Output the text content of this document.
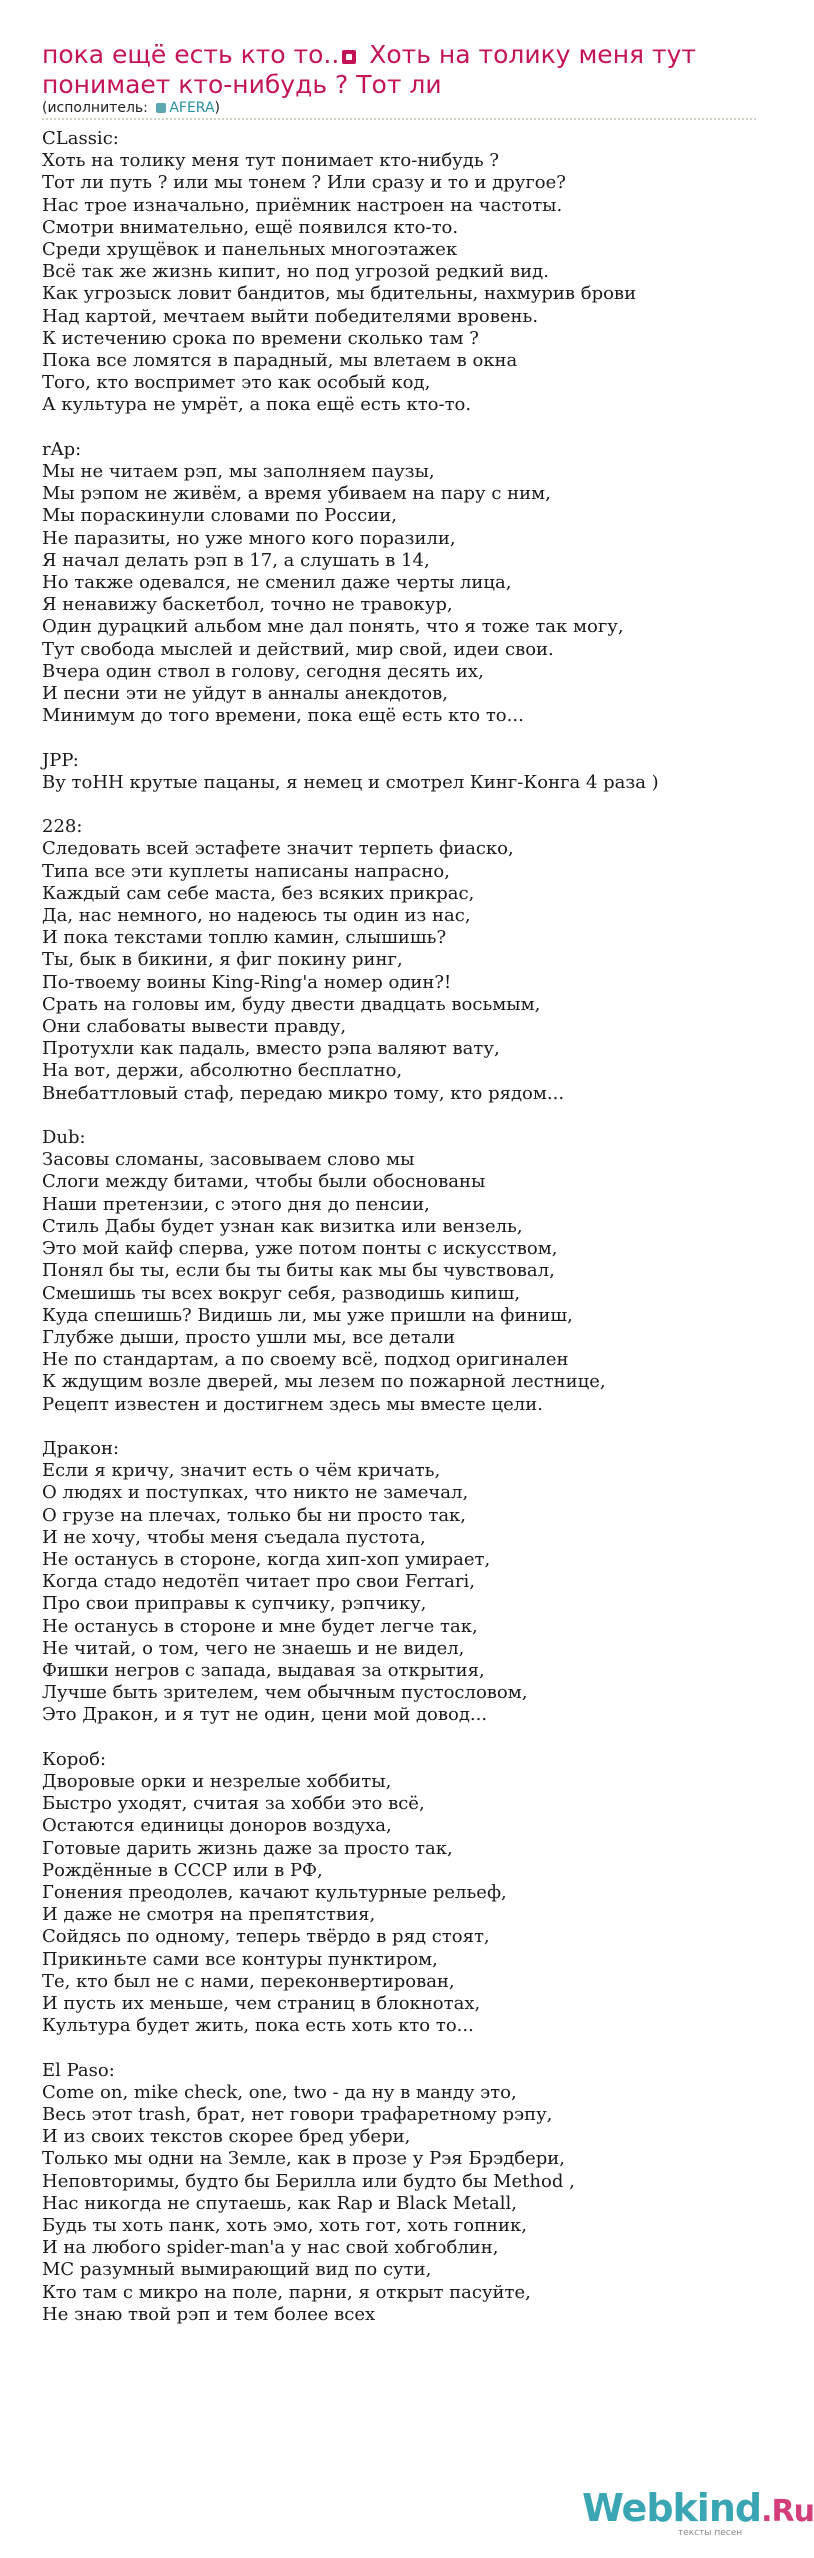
пока ещё есть кто то.. Хоть на толику меня тут понимает кто-нибудь ? Тот ли
(исполнитель: AFERA)
CLassic:
Хоть на толику меня тут понимает кто-нибудь ?
Тот ли путь ? или мы тонем ? Или сразу и то и другое?
Нас трое изначально, приёмник настроен на частоты.
Смотри внимательно, ещё появился кто-то.
Среди хрущёвок и панельных многоэтажек
Всё так же жизнь кипит, но под угрозой редкий вид.
Как угрозыск ловит бандитов, мы бдительны, нахмурив брови
Над картой, мечтаем выйти победителями вровень.
К истечению срока по времени сколько там ?
Пока все ломятся в парадный, мы влетаем в окна
Того, кто воспримет это как особый код,
А культура не умрёт, а пока ещё есть кто-то.
rAp:
Мы не читаем рэп, мы заполняем паузы,
Мы рэпом не живём, а время убиваем на пару с ним,
Мы пораскинули словами по России,
Не паразиты, но уже много кого поразили,
Я начал делать рэп в 17, а слушать в 14,
Но также одевался, не сменил даже черты лица,
Я ненавижу баскетбол, точно не травокур,
Один дурацкий альбом мне дал понять, что я тоже так могу,
Тут свобода мыслей и действий, мир свой, идеи свои.
Вчера один ствол в голову, сегодня десять их,
И песни эти не уйдут в анналы анекдотов,
Минимум до того времени, пока ещё есть кто то...
JPP:
Ву тоНН крутые пацаны, я немец и смотрел Кинг-Конга 4 раза )
228:
Следовать всей эстафете значит терпеть фиаско,
Типа все эти куплеты написаны напрасно,
Каждый сам себе маста, без всяких прикрас,
Да, нас немного, но надеюсь ты один из нас,
И пока текстами топлю камин, слышишь?
Ты, бык в бикини, я фиг покину ринг,
По-твоему воины King-Ring'a номер один?!
Срать на головы им, буду двести двадцать восьмым,
Они слабоваты вывести правду,
Протухли как падаль, вместо рэпа валяют вату,
На вот, держи, абсолютно бесплатно,
Внебаттловый стаф, передаю микро тому, кто рядом...
Dub:
Засовы сломаны, засовываем слово мы
Слоги между битами, чтобы были обоснованы
Наши претензии, с этого дня до пенсии,
Стиль Дабы будет узнан как визитка или вензель,
Это мой кайф сперва, уже потом понты с искусством,
Понял бы ты, если бы ты биты как мы бы чувствовал,
Смешишь ты всех вокруг себя, разводишь кипиш,
Куда спешишь? Видишь ли, мы уже пришли на финиш,
Глубже дыши, просто ушли мы, все детали
Не по стандартам, а по своему всё, подход оригинален
К ждущим возле дверей, мы лезем по пожарной лестнице,
Рецепт известен и достигнем здесь мы вместе цели.
Дракон:
Если я кричу, значит есть о чём кричать,
О людях и поступках, что никто не замечал,
О грузе на плечах, только бы ни просто так,
И не хочу, чтобы меня съедала пустота,
Не останусь в стороне, когда хип-хоп умирает,
Когда стадо недотёп читает про свои Ferrari,
Про свои приправы к супчику, рэпчику,
Не останусь в стороне и мне будет легче так,
Не читай, о том, чего не знаешь и не видел,
Фишки негров с запада, выдавая за открытия,
Лучше быть зрителем, чем обычным пустословом,
Это Дракон, и я тут не один, цени мой довод...
Короб:
Дворовые орки и незрелые хоббиты,
Быстро уходят, считая за хобби это всё,
Остаются единицы доноров воздуха,
Готовые дарить жизнь даже за просто так,
Рождённые в СССР или в РФ,
Гонения преодолев, качают культурные рельеф,
И даже не смотря на препятствия,
Сойдясь по одному, теперь твёрдо в ряд стоят,
Прикиньте сами все контуры пунктиром,
Те, кто был не с нами, переконвертирован,
И пусть их меньше, чем страниц в блокнотах,
Культура будет жить, пока есть хоть кто то...
El Paso:
Come on, mike check, one, two - да ну в манду это,
Весь этот trash, брат, нет говори трафаретному рэпу,
И из своих текстов скорее бред убери,
Только мы одни на Земле, как в прозе у Рэя Брэдбери,
Неповторимы, будто бы Берилла или будто бы Method ,
Нас никогда не спутаешь, как Rap и Black Metall,
Будь ты хоть панк, хоть эмо, хоть гот, хоть гопник,
И на любого spider-man'a у нас свой хобгоблин,
МС разумный вымирающий вид по сути,
Кто там с микро на поле, парни, я открыт пасуйте,
Не знаю твой рэп и тем более всех
Webkind.Ru
тексты песен
